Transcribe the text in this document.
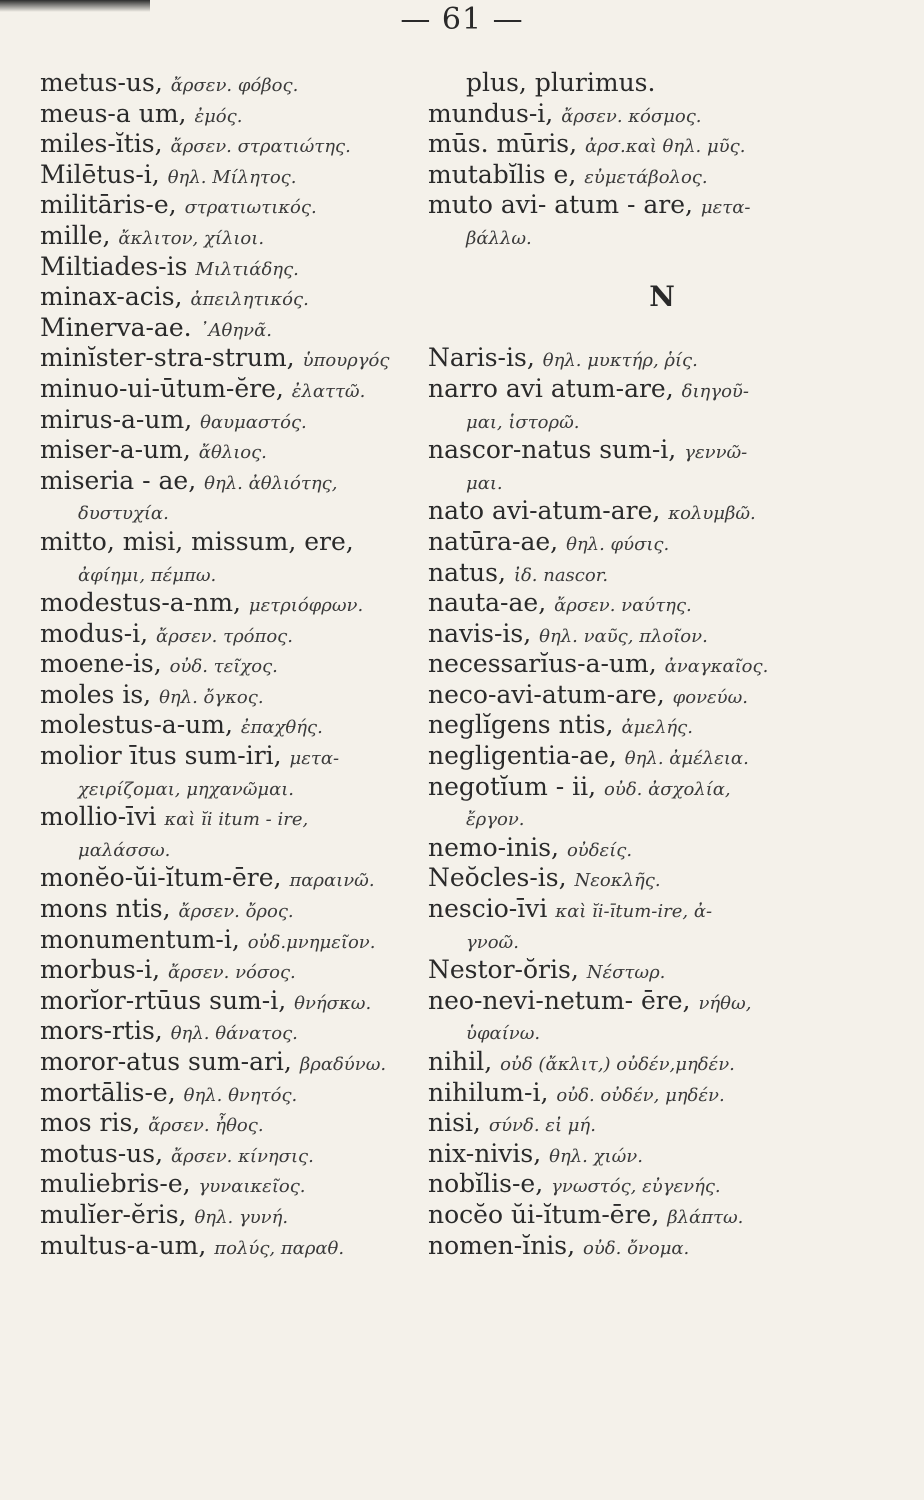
— 61 —
metus-us, ἄρσεν. φόβος.
meus-a um, ἐμός.
miles-ĭtis, ἄρσεν. στρατιώτης.
Milētus-i, θηλ. Μίλητος.
militāris-e, στρατιωτικός.
mille, ἄκλιτον, χίλιοι.
Miltiades-is Μιλτιάδης.
minax-acis, ἀπειλητικός.
Minerva-ae. ᾿Αθηνᾶ.
minĭster-stra-strum, ὑπουργός
minuo-ui-ūtum-ĕre, ἐλαττῶ.
mirus-a-um, θαυμαστός.
miser-a-um, ἄθλιος.
miseria - ae, θηλ. ἀθλιότης,
δυστυχία.
mitto, misi, missum, ere,
ἀφίημι, πέμπω.
modestus-a-nm, μετριόφρων.
modus-i, ἄρσεν. τρόπος.
moene-is, οὐδ. τεῖχος.
moles is, θηλ. ὄγκος.
molestus-a-um, ἐπαχθής.
molior ītus sum-iri, μετα-
χειρίζομαι, μηχανῶμαι.
mollio-īvi καὶ ĭi itum - ire,
μαλάσσω.
monĕo-ŭi-ĭtum-ēre, παραινῶ.
mons ntis, ἄρσεν. ὄρος.
monumentum-i, οὐδ.μνημεῖον.
morbus-i, ἄρσεν. νόσος.
morĭor-rtūus sum-i, θνήσκω.
mors-rtis, θηλ. θάνατος.
moror-atus sum-ari, βραδύνω.
mortālis-e, θηλ. θνητός.
mos ris, ἄρσεν. ἦθος.
motus-us, ἄρσεν. κίνησις.
muliebris-e, γυναικεῖος.
mulĭer-ĕris, θηλ. γυνή.
multus-a-um, πολύς, παραθ.
plus, plurimus.
mundus-i, ἄρσεν. κόσμος.
mūs. mūris, ἀρσ.καὶ θηλ. μῦς.
mutabĭlis e, εὐμετάβολος.
muto avi- atum - are, μετα-
βάλλω.
N
Naris-is, θηλ. μυκτήρ, ῥίς.
narro avi atum-are, διηγοῦ-
μαι, ἱστορῶ.
nascor-natus sum-i, γεννῶ-
μαι.
nato avi-atum-are, κολυμβῶ.
natūra-ae, θηλ. φύσις.
natus, ἰδ. nascor.
nauta-ae, ἄρσεν. ναύτης.
navis-is, θηλ. ναῦς, πλοῖον.
necessarĭus-a-um, ἀναγκαῖος.
neco-avi-atum-are, φονεύω.
neglĭgens ntis, ἀμελής.
negligentia-ae, θηλ. ἀμέλεια.
negotĭum - ii, οὐδ. ἀσχολία,
ἔργον.
nemo-inis, οὐδείς.
Neŏcles-is, Νεοκλῆς.
nescio-īvi καὶ ĭi-ītum-ire, ἀ-
γνοῶ.
Nestor-ŏris, Νέστωρ.
neo-nevi-netum- ēre, νήθω,
ὑφαίνω.
nihil, οὐδ (ἄκλιτ,) οὐδέν,μηδέν.
nihilum-i, οὐδ. οὐδέν, μηδέν.
nisi, σύνδ. εἰ μή.
nix-nivis, θηλ. χιών.
nobĭlis-e, γνωστός, εὐγενής.
nocĕo ŭi-ĭtum-ēre, βλάπτω.
nomen-ĭnis, οὐδ. ὄνομα.
